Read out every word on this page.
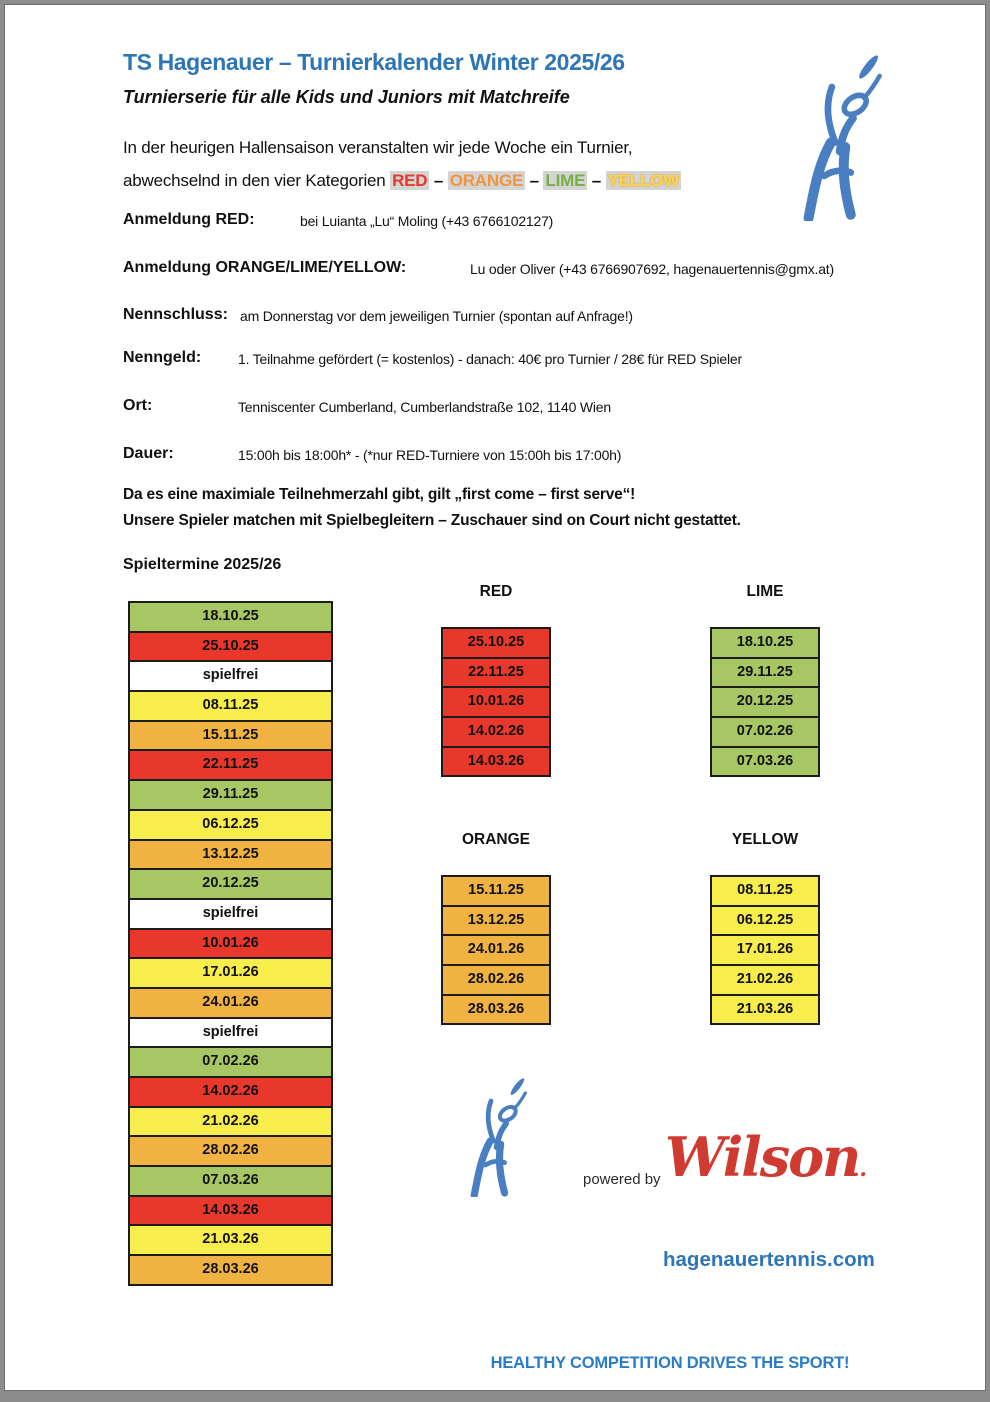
TS Hagenauer – Turnierkalender Winter 2025/26
Turnierserie für alle Kids und Juniors mit Matchreife
In der heurigen Hallensaison veranstalten wir jede Woche ein Turnier,
abwechselnd in den vier Kategorien RED – ORANGE – LIME – YELLOW
Anmeldung RED:	bei Luianta „Lu“ Moling (+43 6766102127)
Anmeldung ORANGE/LIME/YELLOW:	Lu oder Oliver (+43 6766907692, hagenauertennis@gmx.at)
Nennschluss: am Donnerstag vor dem jeweiligen Turnier (spontan auf Anfrage!)
Nenngeld:	1. Teilnahme gefördert (= kostenlos) - danach: 40€ pro Turnier / 28€ für RED Spieler
Ort:	Tenniscenter Cumberland, Cumberlandstraße 102, 1140 Wien
Dauer:	15:00h bis 18:00h* - (*nur RED-Turniere von 15:00h bis 17:00h)
Da es eine maximiale Teilnehmerzahl gibt, gilt „first come – first serve“!
Unsere Spieler matchen mit Spielbegleitern – Zuschauer sind on Court nicht gestattet.
Spieltermine 2025/26
18.10.25
25.10.25
spielfrei
08.11.25
15.11.25
22.11.25
29.11.25
06.12.25
13.12.25
20.12.25
spielfrei
10.01.26
17.01.26
24.01.26
spielfrei
07.02.26
14.02.26
21.02.26
28.02.26
07.03.26
14.03.26
21.03.26
28.03.26
RED
25.10.25
22.11.25
10.01.26
14.02.26
14.03.26
LIME
18.10.25
29.11.25
20.12.25
07.02.26
07.03.26
ORANGE
15.11.25
13.12.25
24.01.26
28.02.26
28.03.26
YELLOW
08.11.25
06.12.25
17.01.26
21.02.26
21.03.26
powered by Wilson.
hagenauertennis.com
HEALTHY COMPETITION DRIVES THE SPORT!
